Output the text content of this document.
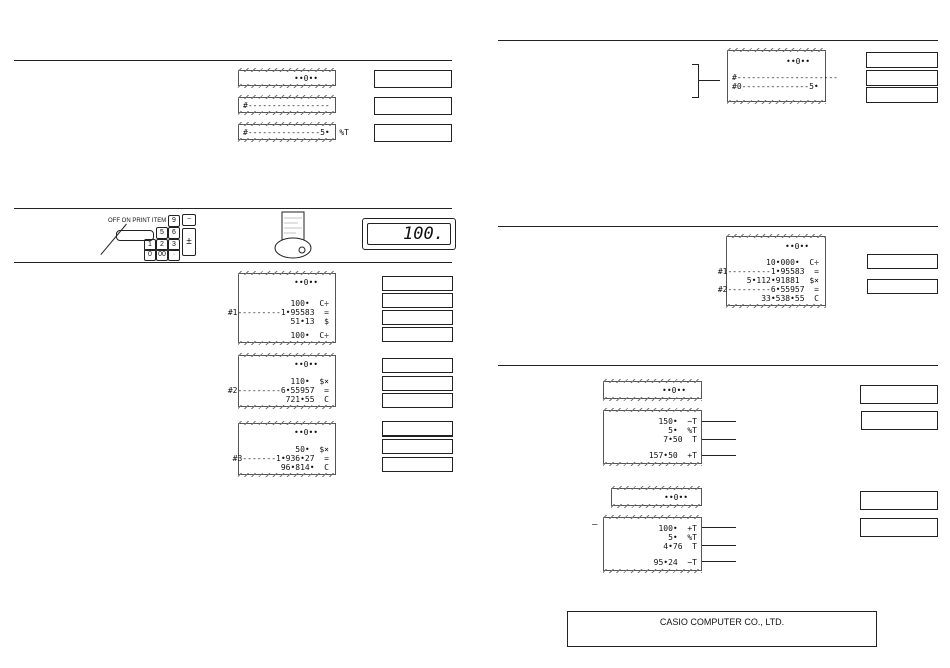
••0••
#-----------------
#---------------5•  %T
OFF ON PRINT ITEM 9
5	6
1	2	3
0 00 ·
−
±	100.
••0••
100•  C÷
#1---------1•95583  =
51•13  $
100•  C÷
••0••
110•  $×
#2---------6•55957  =
721•55  C
••0••
50•  $×
#3-------1•936•27  =
96•814•  C
••0••
#---------------------
#0--------------5•
••0••
10•000•  C÷
#1---------1•95583  =
5•112•91881  $×
#2---------6•55957  =
33•538•55  C
••0••
150•  −T
5•  %T
7•50  T
157•50  +T
••0••
–	100•  +T
5•  %T
4•76  T
95•24  −T
CASIO COMPUTER CO., LTD.
